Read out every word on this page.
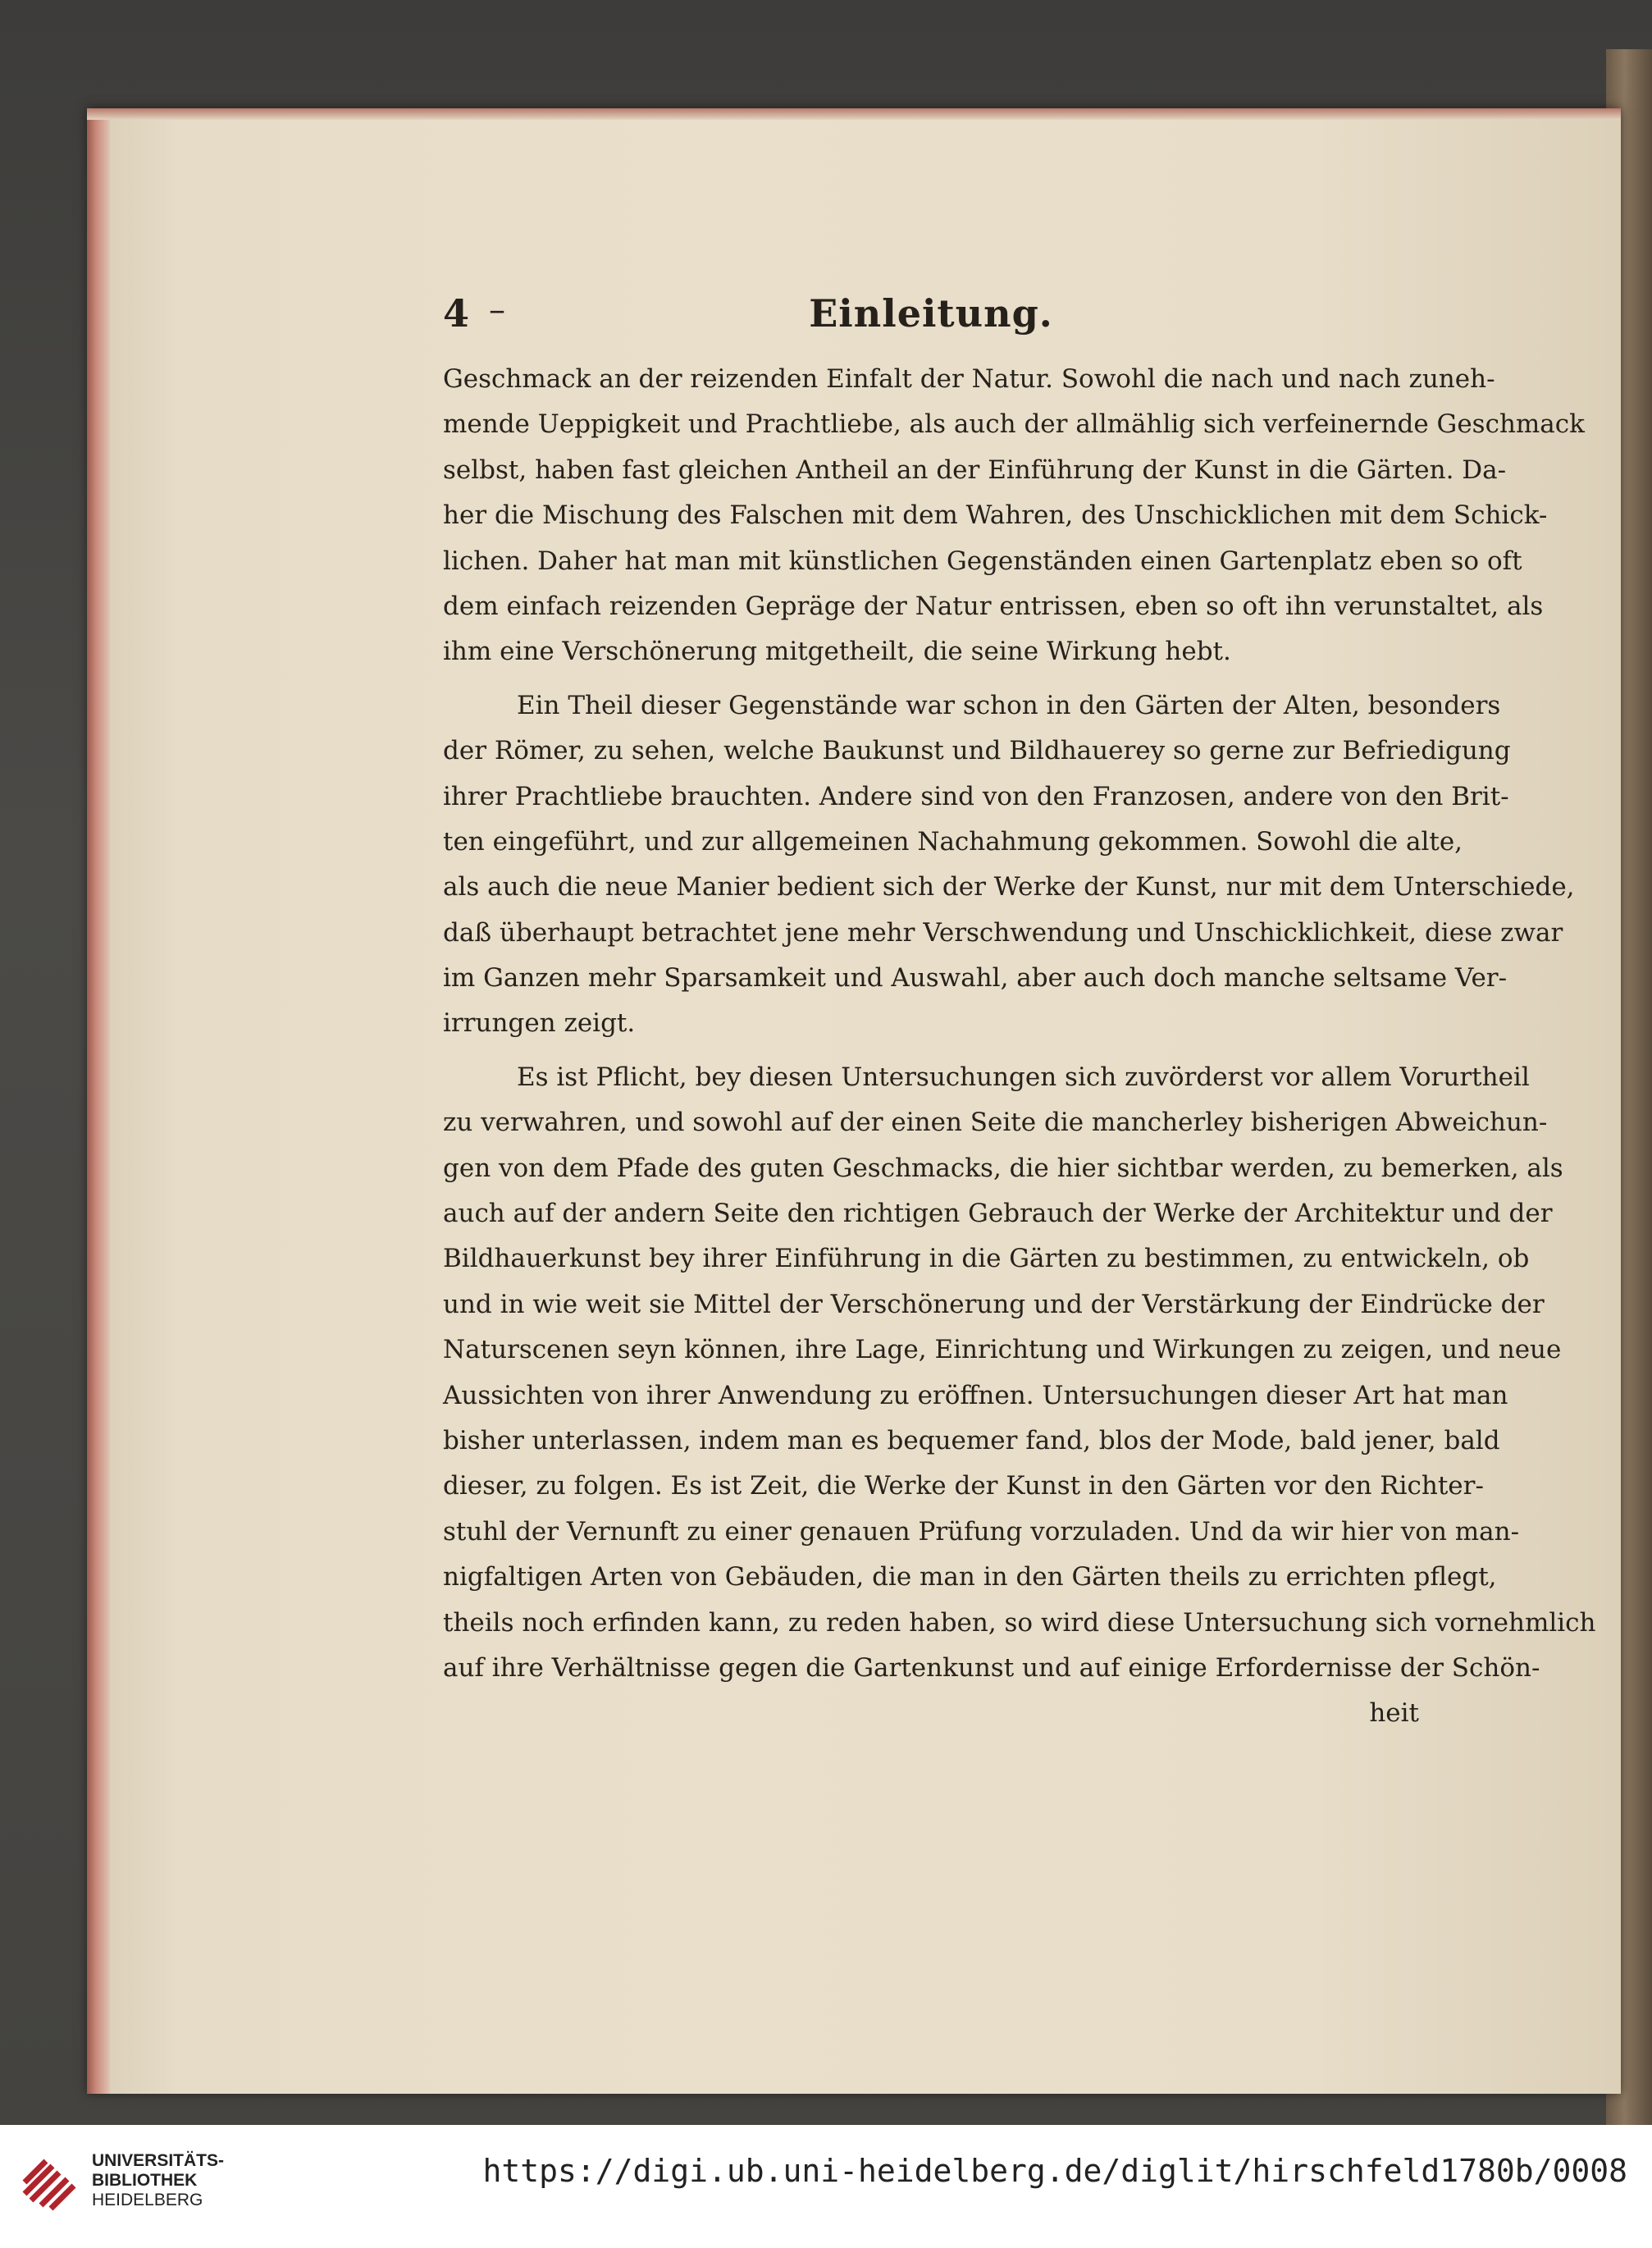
4 –	Einleitung.
Geschmack an der reizenden Einfalt der Natur. Sowohl die nach und nach zuneh-
mende Ueppigkeit und Prachtliebe, als auch der allmählig sich verfeinernde Geschmack
selbst, haben fast gleichen Antheil an der Einführung der Kunst in die Gärten. Da-
her die Mischung des Falschen mit dem Wahren, des Unschicklichen mit dem Schick-
lichen. Daher hat man mit künstlichen Gegenständen einen Gartenplatz eben so oft
dem einfach reizenden Gepräge der Natur entrissen, eben so oft ihn verunstaltet, als
ihm eine Verschönerung mitgetheilt, die seine Wirkung hebt.
Ein Theil dieser Gegenstände war schon in den Gärten der Alten, besonders
der Römer, zu sehen, welche Baukunst und Bildhauerey so gerne zur Befriedigung
ihrer Prachtliebe brauchten. Andere sind von den Franzosen, andere von den Brit-
ten eingeführt, und zur allgemeinen Nachahmung gekommen. Sowohl die alte,
als auch die neue Manier bedient sich der Werke der Kunst, nur mit dem Unterschiede,
daß überhaupt betrachtet jene mehr Verschwendung und Unschicklichkeit, diese zwar
im Ganzen mehr Sparsamkeit und Auswahl, aber auch doch manche seltsame Ver-
irrungen zeigt.
Es ist Pflicht, bey diesen Untersuchungen sich zuvörderst vor allem Vorurtheil
zu verwahren, und sowohl auf der einen Seite die mancherley bisherigen Abweichun-
gen von dem Pfade des guten Geschmacks, die hier sichtbar werden, zu bemerken, als
auch auf der andern Seite den richtigen Gebrauch der Werke der Architektur und der
Bildhauerkunst bey ihrer Einführung in die Gärten zu bestimmen, zu entwickeln, ob
und in wie weit sie Mittel der Verschönerung und der Verstärkung der Eindrücke der
Naturscenen seyn können, ihre Lage, Einrichtung und Wirkungen zu zeigen, und neue
Aussichten von ihrer Anwendung zu eröffnen. Untersuchungen dieser Art hat man
bisher unterlassen, indem man es bequemer fand, blos der Mode, bald jener, bald
dieser, zu folgen. Es ist Zeit, die Werke der Kunst in den Gärten vor den Richter-
stuhl der Vernunft zu einer genauen Prüfung vorzuladen. Und da wir hier von man-
nigfaltigen Arten von Gebäuden, die man in den Gärten theils zu errichten pflegt,
theils noch erfinden kann, zu reden haben, so wird diese Untersuchung sich vornehmlich
auf ihre Verhältnisse gegen die Gartenkunst und auf einige Erfordernisse der Schön-
heit
UNIVERSITÄTS-
BIBLIOTHEK
HEIDELBERG
https://digi.ub.uni-heidelberg.de/diglit/hirschfeld1780b/0008
